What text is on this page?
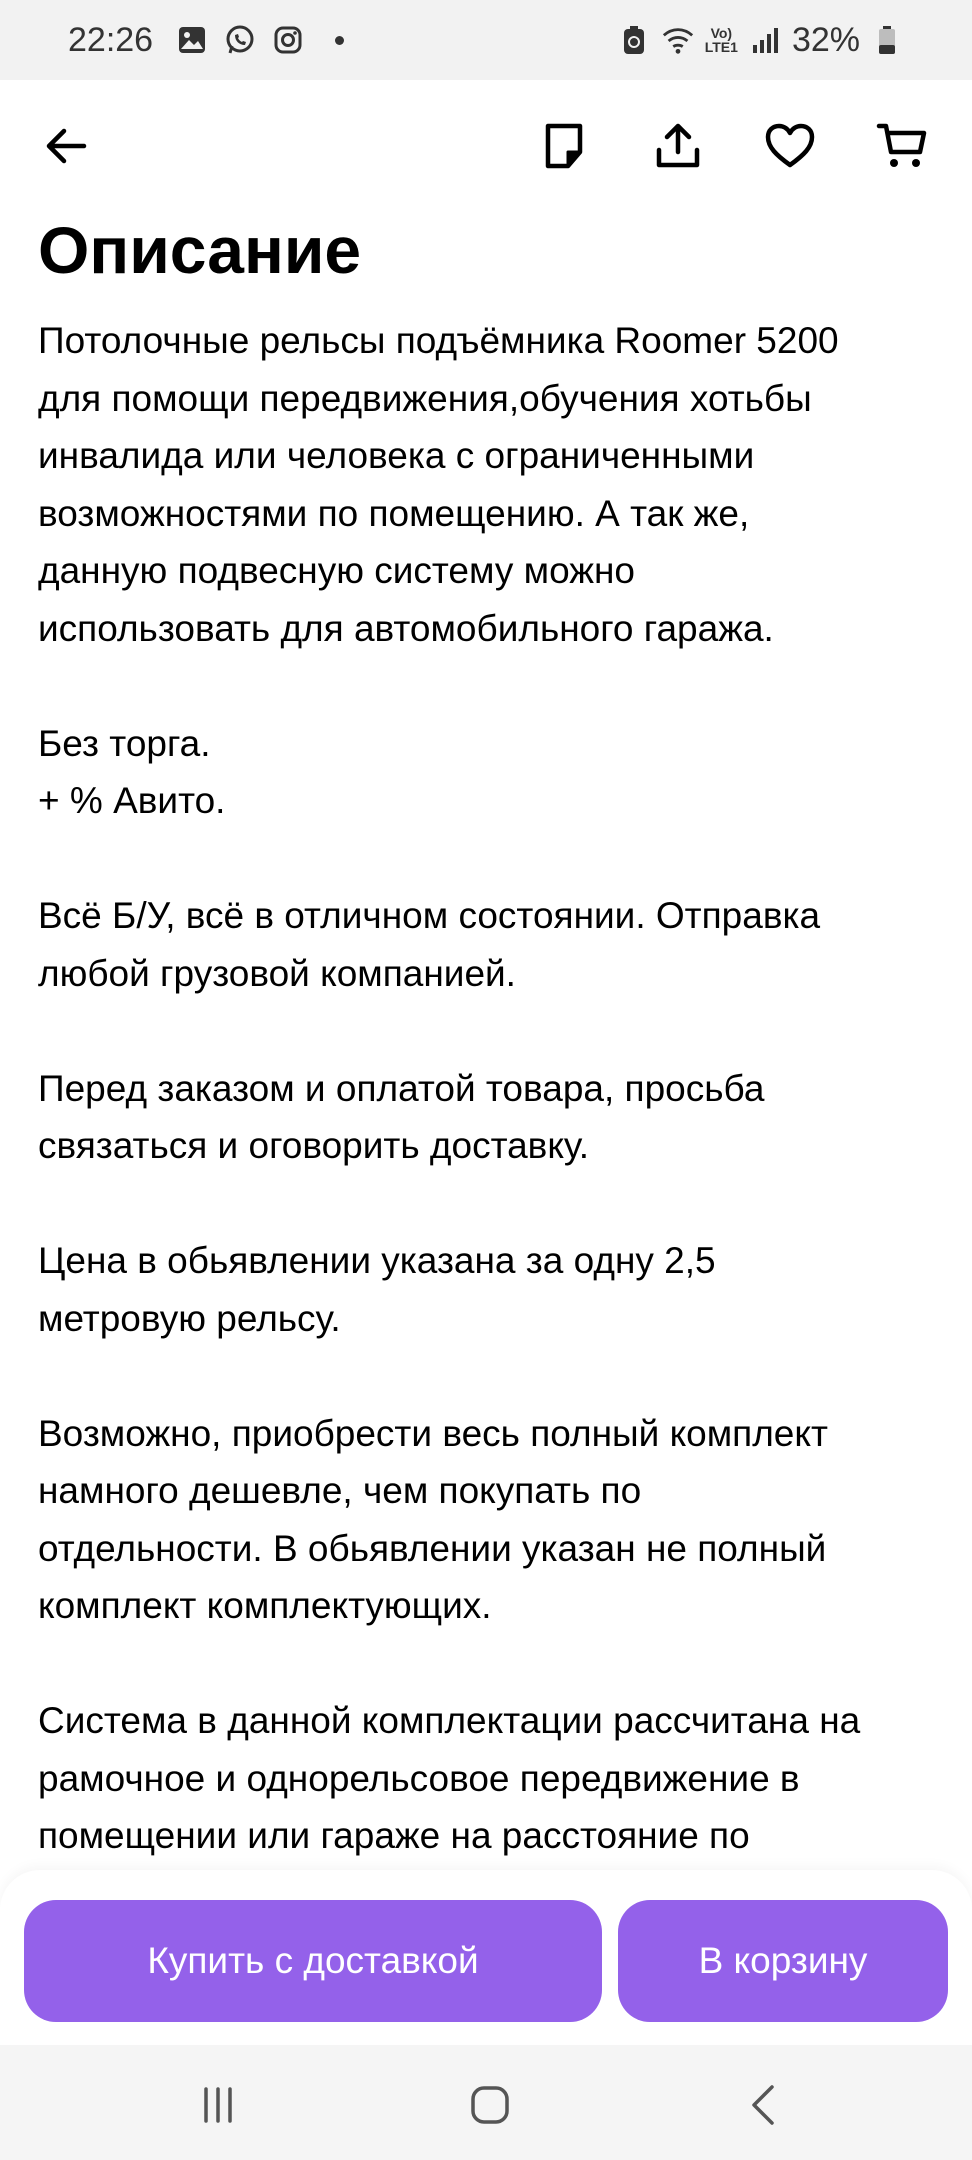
22:26	Vo)
LTE1 32%
Описание
Потолочные рельсы подъёмника Roomer 5200
для помощи передвижения,обучения хотьбы
инвалида или человека с ограниченными
возможностями по помещению. А так же,
данную подвесную систему можно
использовать для автомобильного гаража.
Без торга.
+ % Авито.
Всё Б/У, всё в отличном состоянии. Отправка
любой грузовой компанией.
Перед заказом и оплатой товара, просьба
связаться и оговорить доставку.
Цена в обьявлении указана за одну 2,5
метровую рельсу.
Возможно, приобрести весь полный комплект
намного дешевле, чем покупать по
отдельности. В обьявлении указан не полный
комплект комплектующих.
Система в данной комплектации рассчитана на
рамочное и однорельсовое передвижение в
помещении или гараже на расстояние по
Купить с доставкой	В корзину
